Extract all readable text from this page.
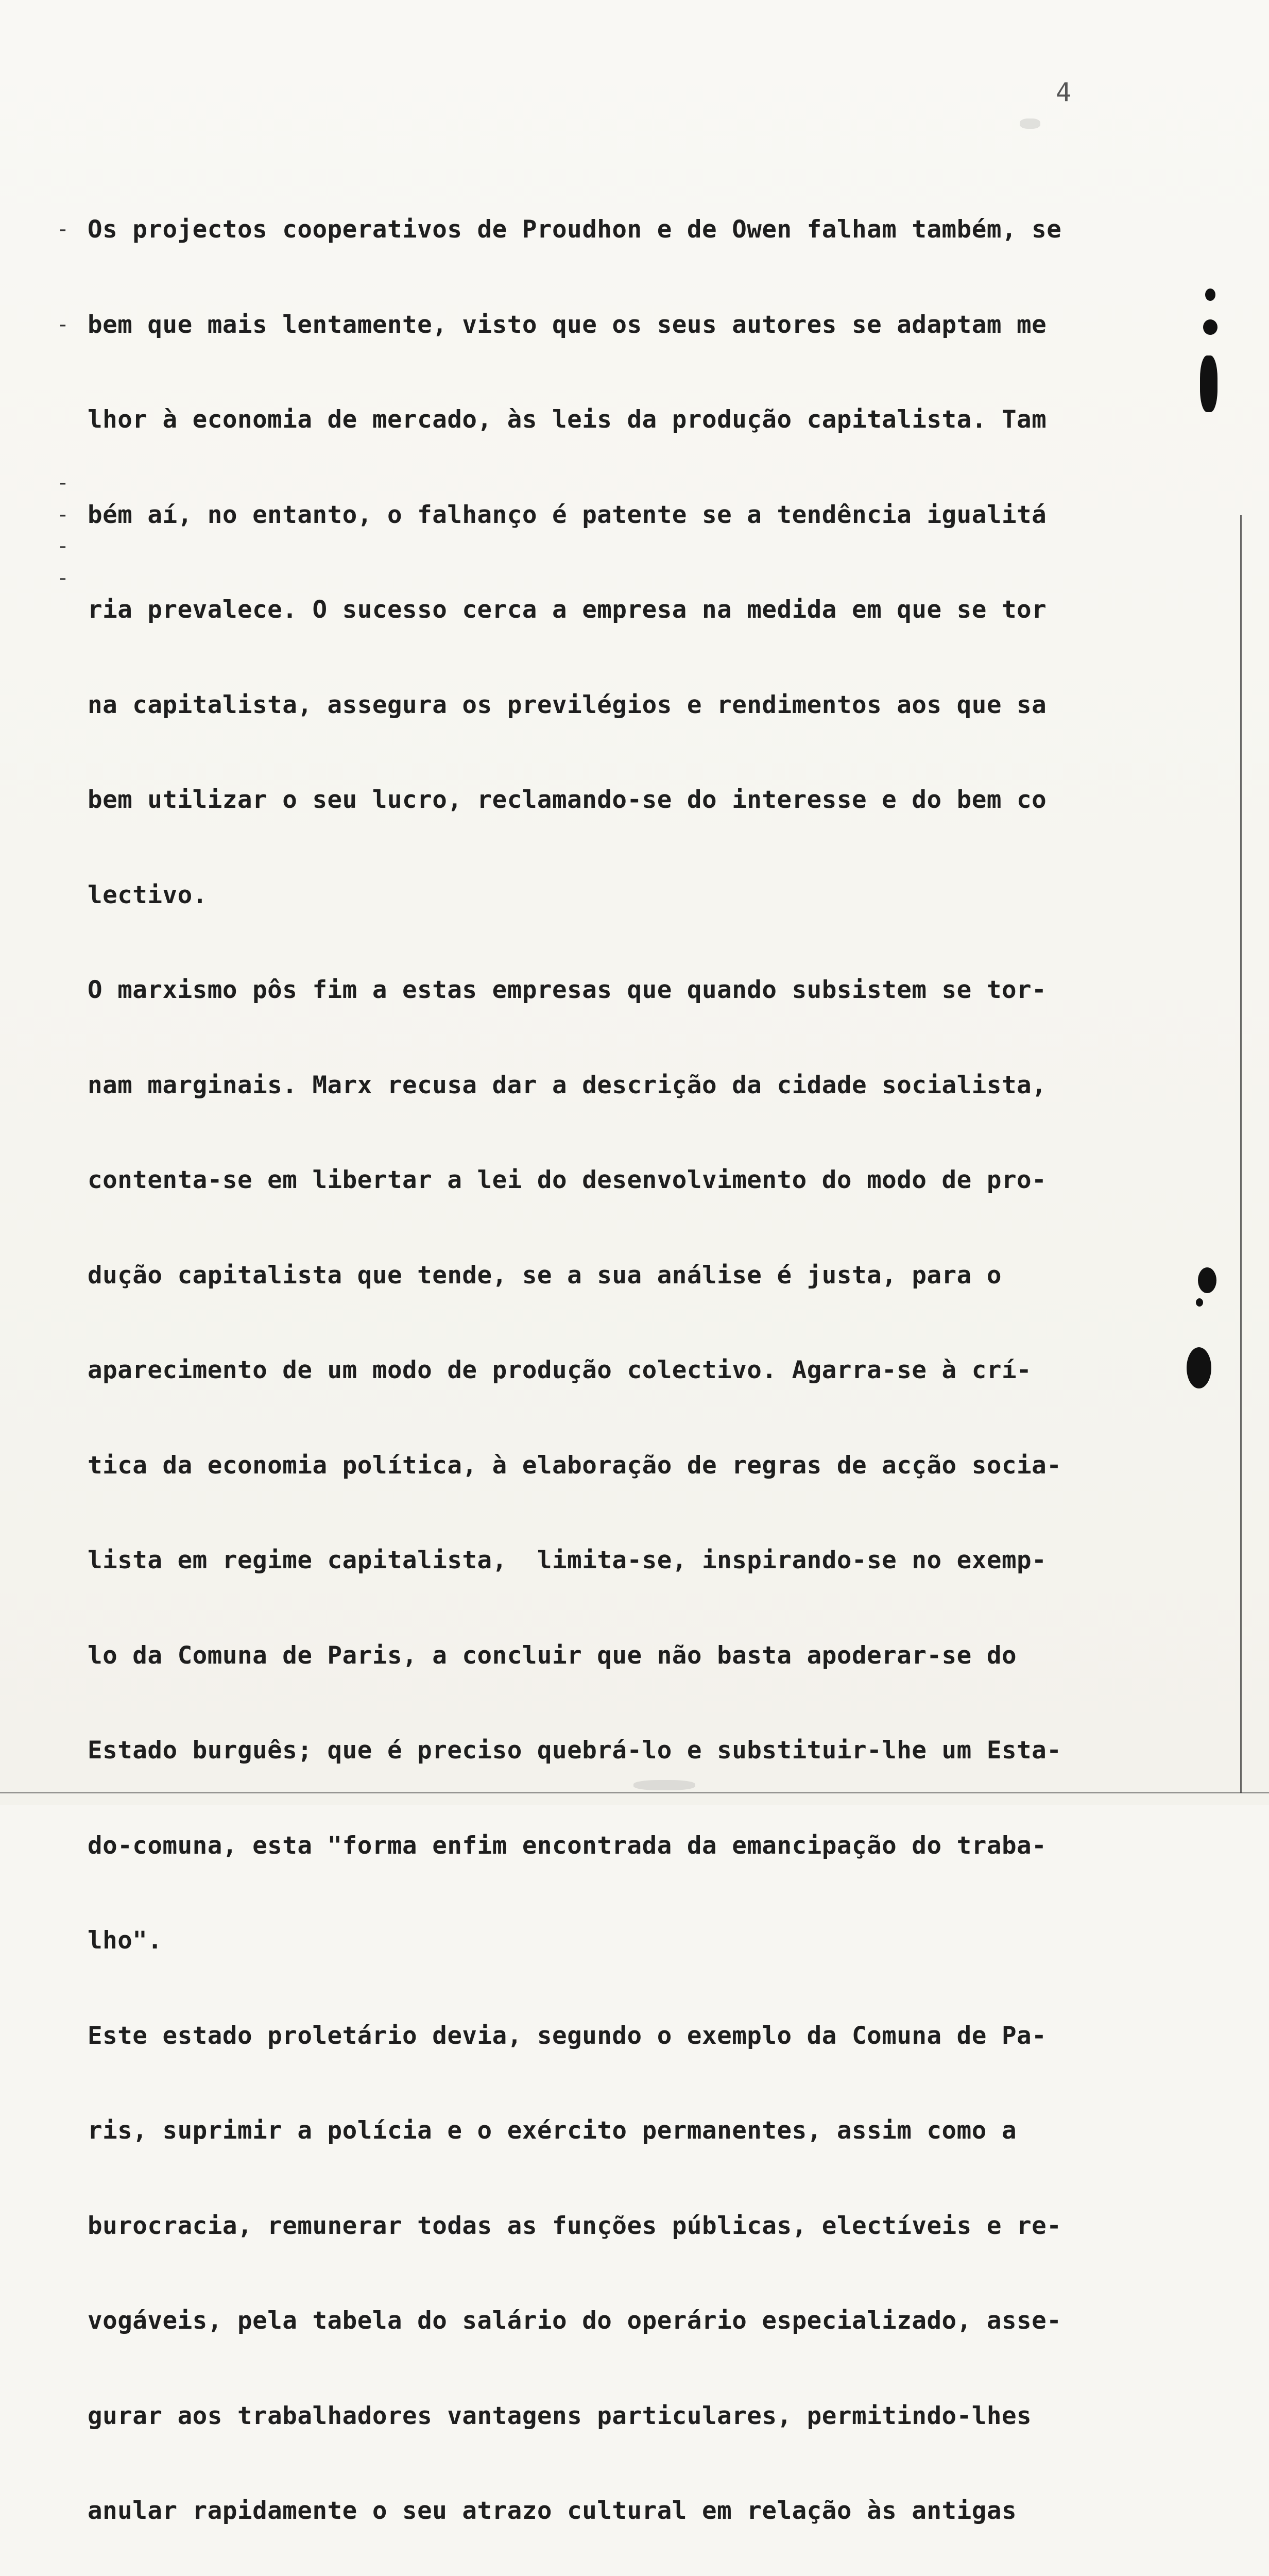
4
-
-
-
-
-
-

Os projectos cooperativos de Proudhon e de Owen falham também, se

bem que mais lentamente, visto que os seus autores se adaptam me

lhor à economia de mercado, às leis da produção capitalista. Tam

bém aí, no entanto, o falhanço é patente se a tendência igualitá

ria prevalece. O sucesso cerca a empresa na medida em que se tor

na capitalista, assegura os previlégios e rendimentos aos que sa

bem utilizar o seu lucro, reclamando-se do interesse e do bem co

lectivo.

O marxismo pôs fim a estas empresas que quando subsistem se tor-

nam marginais. Marx recusa dar a descrição da cidade socialista,

contenta-se em libertar a lei do desenvolvimento do modo de pro-

dução capitalista que tende, se a sua análise é justa, para o

aparecimento de um modo de produção colectivo. Agarra-se à crí-

tica da economia política, à elaboração de regras de acção socia-

lista em regime capitalista,  limita-se, inspirando-se no exemp-

lo da Comuna de Paris, a concluir que não basta apoderar-se do

Estado burguês; que é preciso quebrá-lo e substituir-lhe um Esta-

do-comuna, esta "forma enfim encontrada da emancipação do traba-

lho".

Este estado proletário devia, segundo o exemplo da Comuna de Pa-

ris, suprimir a polícia e o exército permanentes, assim como a

burocracia, remunerar todas as funções públicas, electíveis e re-

vogáveis, pela tabela do salário do operário especializado, asse-

gurar aos trabalhadores vantagens particulares, permitindo-lhes

anular rapidamente o seu atrazo cultural em relação às antigas
